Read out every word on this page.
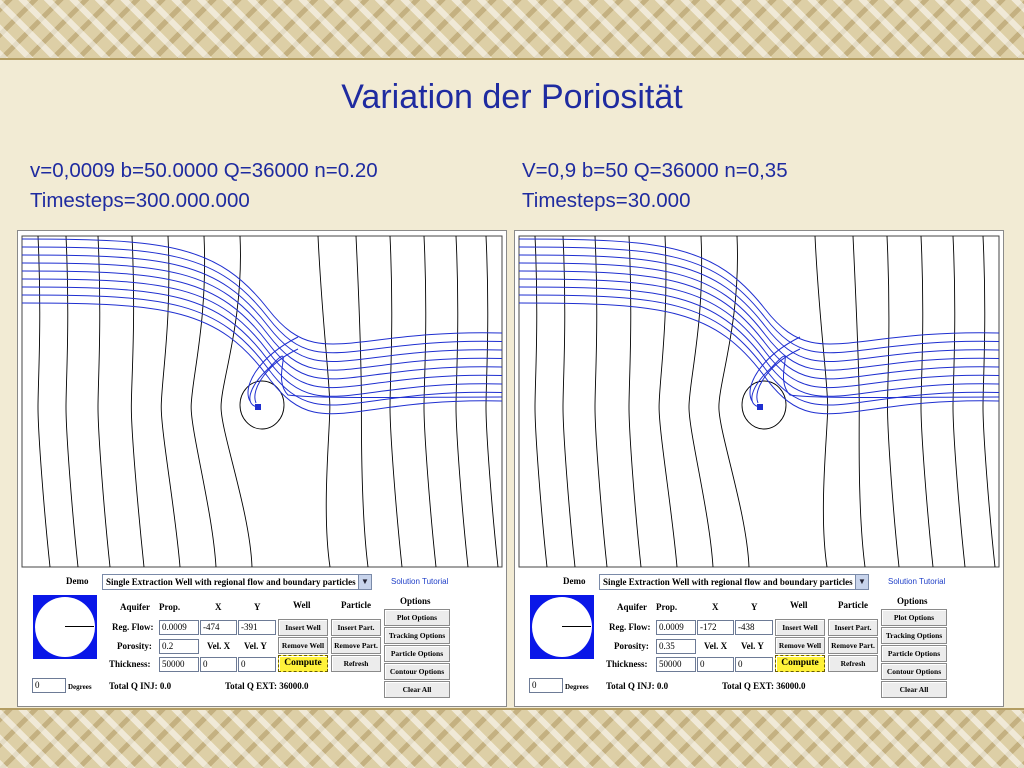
Variation der Poriosität
v=0,0009 b=50.0000 Q=36000 n=0.20
Timesteps=300.000.000
V=0,9 b=50 Q=36000 n=0,35
Timesteps=30.000
Demo	Single Extraction Well with regional flow and boundary particles ▼	Solution Tutorial
Options
Aquifer Prop.	X	Y	Well	Particle
Plot Options
Reg. Flow: 0.0009	-474	-391	Insert Well	Insert Part.
Tracking Options
Porosity:	0.2	Vel. X Vel. Y	Remove Well	Remove Part.
Particle Options
Thickness:	50000	0	0	Compute	Refresh
Contour Options
0	Degrees Total Q INJ: 0.0	Total Q EXT: 36000.0	Clear All
Demo	Single Extraction Well with regional flow and boundary particles ▼	Solution Tutorial
Options
Aquifer Prop.	X	Y	Well	Particle
Plot Options
Reg. Flow: 0.0009	-172	-438	Insert Well	Insert Part.
Tracking Options
Porosity:	0.35	Vel. X Vel. Y	Remove Well	Remove Part.
Particle Options
Thickness:	50000	0	0	Compute	Refresh
Contour Options
0	Degrees Total Q INJ: 0.0	Total Q EXT: 36000.0	Clear All
